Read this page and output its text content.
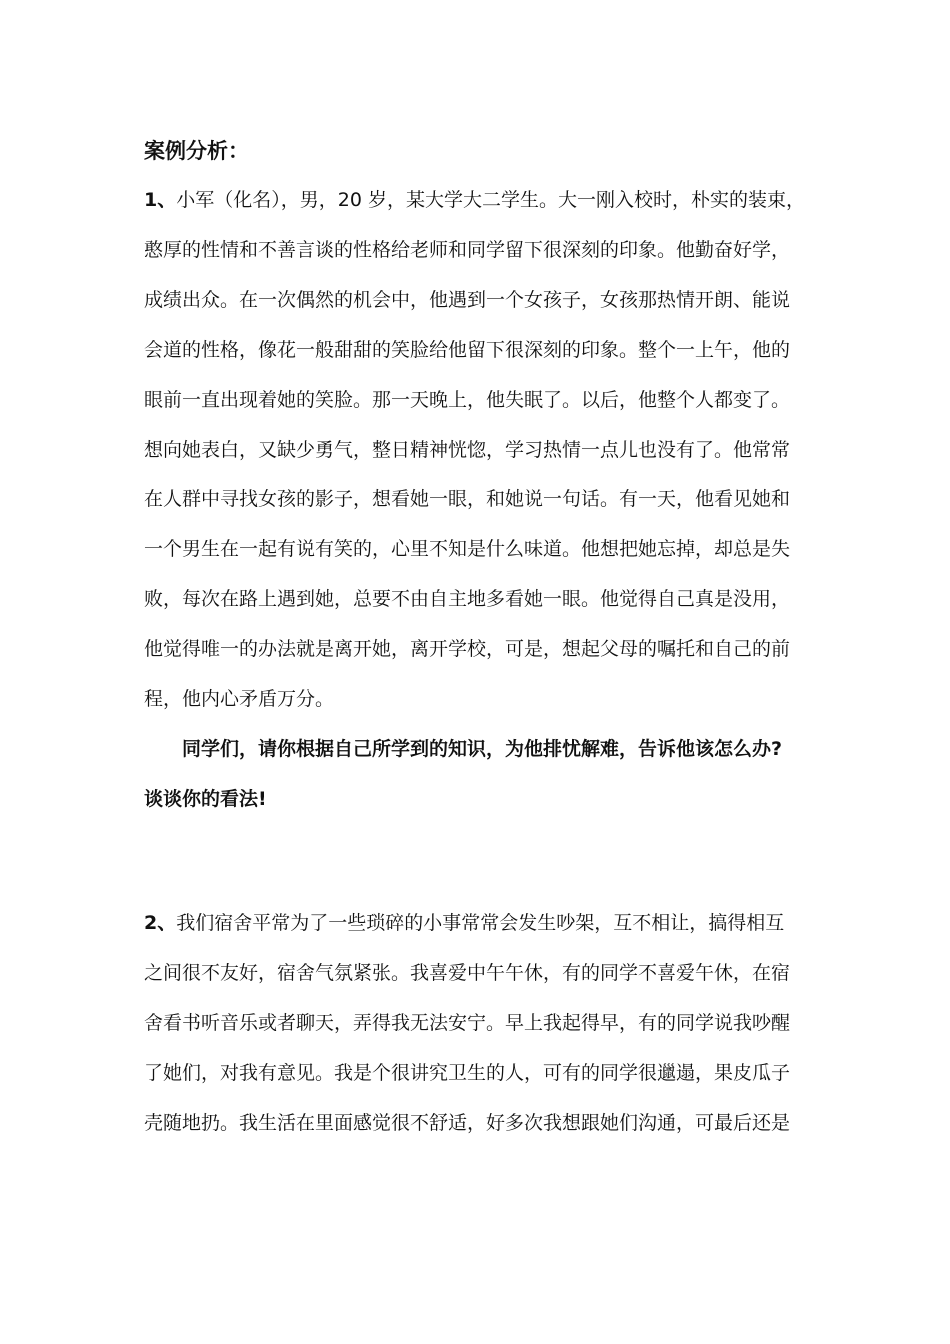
案例分析：
1、小军（化名），男，20 岁，某大学大二学生。大一刚入校时，朴实的装束，
憨厚的性情和不善言谈的性格给老师和同学留下很深刻的印象。他勤奋好学，
成绩出众。在一次偶然的机会中，他遇到一个女孩子，女孩那热情开朗、能说
会道的性格，像花一般甜甜的笑脸给他留下很深刻的印象。整个一上午，他的
眼前一直出现着她的笑脸。那一天晚上，他失眠了。以后，他整个人都变了。
想向她表白，又缺少勇气，整日精神恍惚，学习热情一点儿也没有了。他常常
在人群中寻找女孩的影子，想看她一眼，和她说一句话。有一天，他看见她和
一个男生在一起有说有笑的，心里不知是什么味道。他想把她忘掉，却总是失
败，每次在路上遇到她，总要不由自主地多看她一眼。他觉得自己真是没用，
他觉得唯一的办法就是离开她，离开学校，可是，想起父母的嘱托和自己的前
程，他内心矛盾万分。
同学们，请你根据自己所学到的知识，为他排忧解难，告诉他该怎么办?
谈谈你的看法!
2、我们宿舍平常为了一些琐碎的小事常常会发生吵架，互不相让，搞得相互
之间很不友好，宿舍气氛紧张。我喜爱中午午休，有的同学不喜爱午休，在宿
舍看书听音乐或者聊天，弄得我无法安宁。早上我起得早，有的同学说我吵醒
了她们，对我有意见。我是个很讲究卫生的人，可有的同学很邋遢，果皮瓜子
壳随地扔。我生活在里面感觉很不舒适，好多次我想跟她们沟通，可最后还是
